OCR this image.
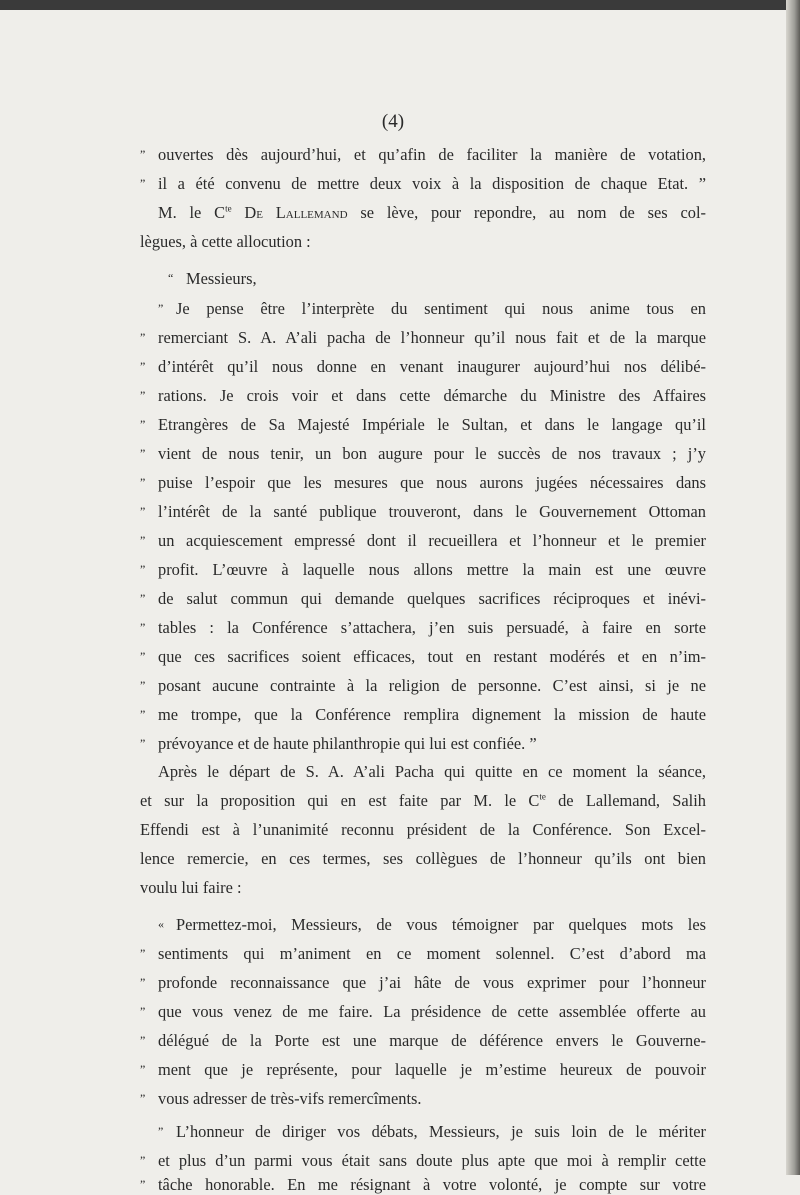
(4)
” ouvertes dès aujourd’hui, et qu’afin de faciliter la manière de votation,
” il a été convenu de mettre deux voix à la disposition de chaque Etat. ”
M. le $C^{te}$ De Lallemand se lève, pour repondre, au nom de ses col-
lègues, à cette allocution :
“ Messieurs,
” Je pense être l’interprète du sentiment qui nous anime tous en
” remerciant S. A. A’ali pacha de l’honneur qu’il nous fait et de la marque
” d’intérêt qu’il nous donne en venant inaugurer aujourd’hui nos délibé-
” rations. Je crois voir et dans cette démarche du Ministre des Affaires
” Etrangères de Sa Majesté Impériale le Sultan, et dans le langage qu’il
” vient de nous tenir, un bon augure pour le succès de nos travaux ; j’y
” puise l’espoir que les mesures que nous aurons jugées nécessaires dans
” l’intérêt de la santé publique trouveront, dans le Gouvernement Ottoman
” un acquiescement empressé dont il recueillera et l’honneur et le premier
” profit. L’œuvre à laquelle nous allons mettre la main est une œuvre
” de salut commun qui demande quelques sacrifices réciproques et inévi-
” tables : la Conférence s’attachera, j’en suis persuadé, à faire en sorte
” que ces sacrifices soient efficaces, tout en restant modérés et en n’im-
” posant aucune contrainte à la religion de personne. C’est ainsi, si je ne
” me trompe, que la Conférence remplira dignement la mission de haute
” prévoyance et de haute philanthropie qui lui est confiée. ”
Après le départ de S. A. A’ali Pacha qui quitte en ce moment la séance,
et sur la proposition qui en est faite par M. le $C^{te}$ de Lallemand, Salih
Effendi est à l’unanimité reconnu président de la Conférence. Son Excel-
lence remercie, en ces termes, ses collègues de l’honneur qu’ils ont bien
voulu lui faire :
« Permettez-moi, Messieurs, de vous témoigner par quelques mots les
” sentiments qui m’animent en ce moment solennel. C’est d’abord ma
” profonde reconnaissance que j’ai hâte de vous exprimer pour l’honneur
” que vous venez de me faire. La présidence de cette assemblée offerte au
” délégué de la Porte est une marque de déférence envers le Gouverne-
” ment que je représente, pour laquelle je m’estime heureux de pouvoir
” vous adresser de très-vifs remercîments.
” L’honneur de diriger vos débats, Messieurs, je suis loin de le mériter
” et plus d’un parmi vous était sans doute plus apte que moi à remplir cette
” tâche honorable. En me résignant à votre volonté, je compte sur votre
